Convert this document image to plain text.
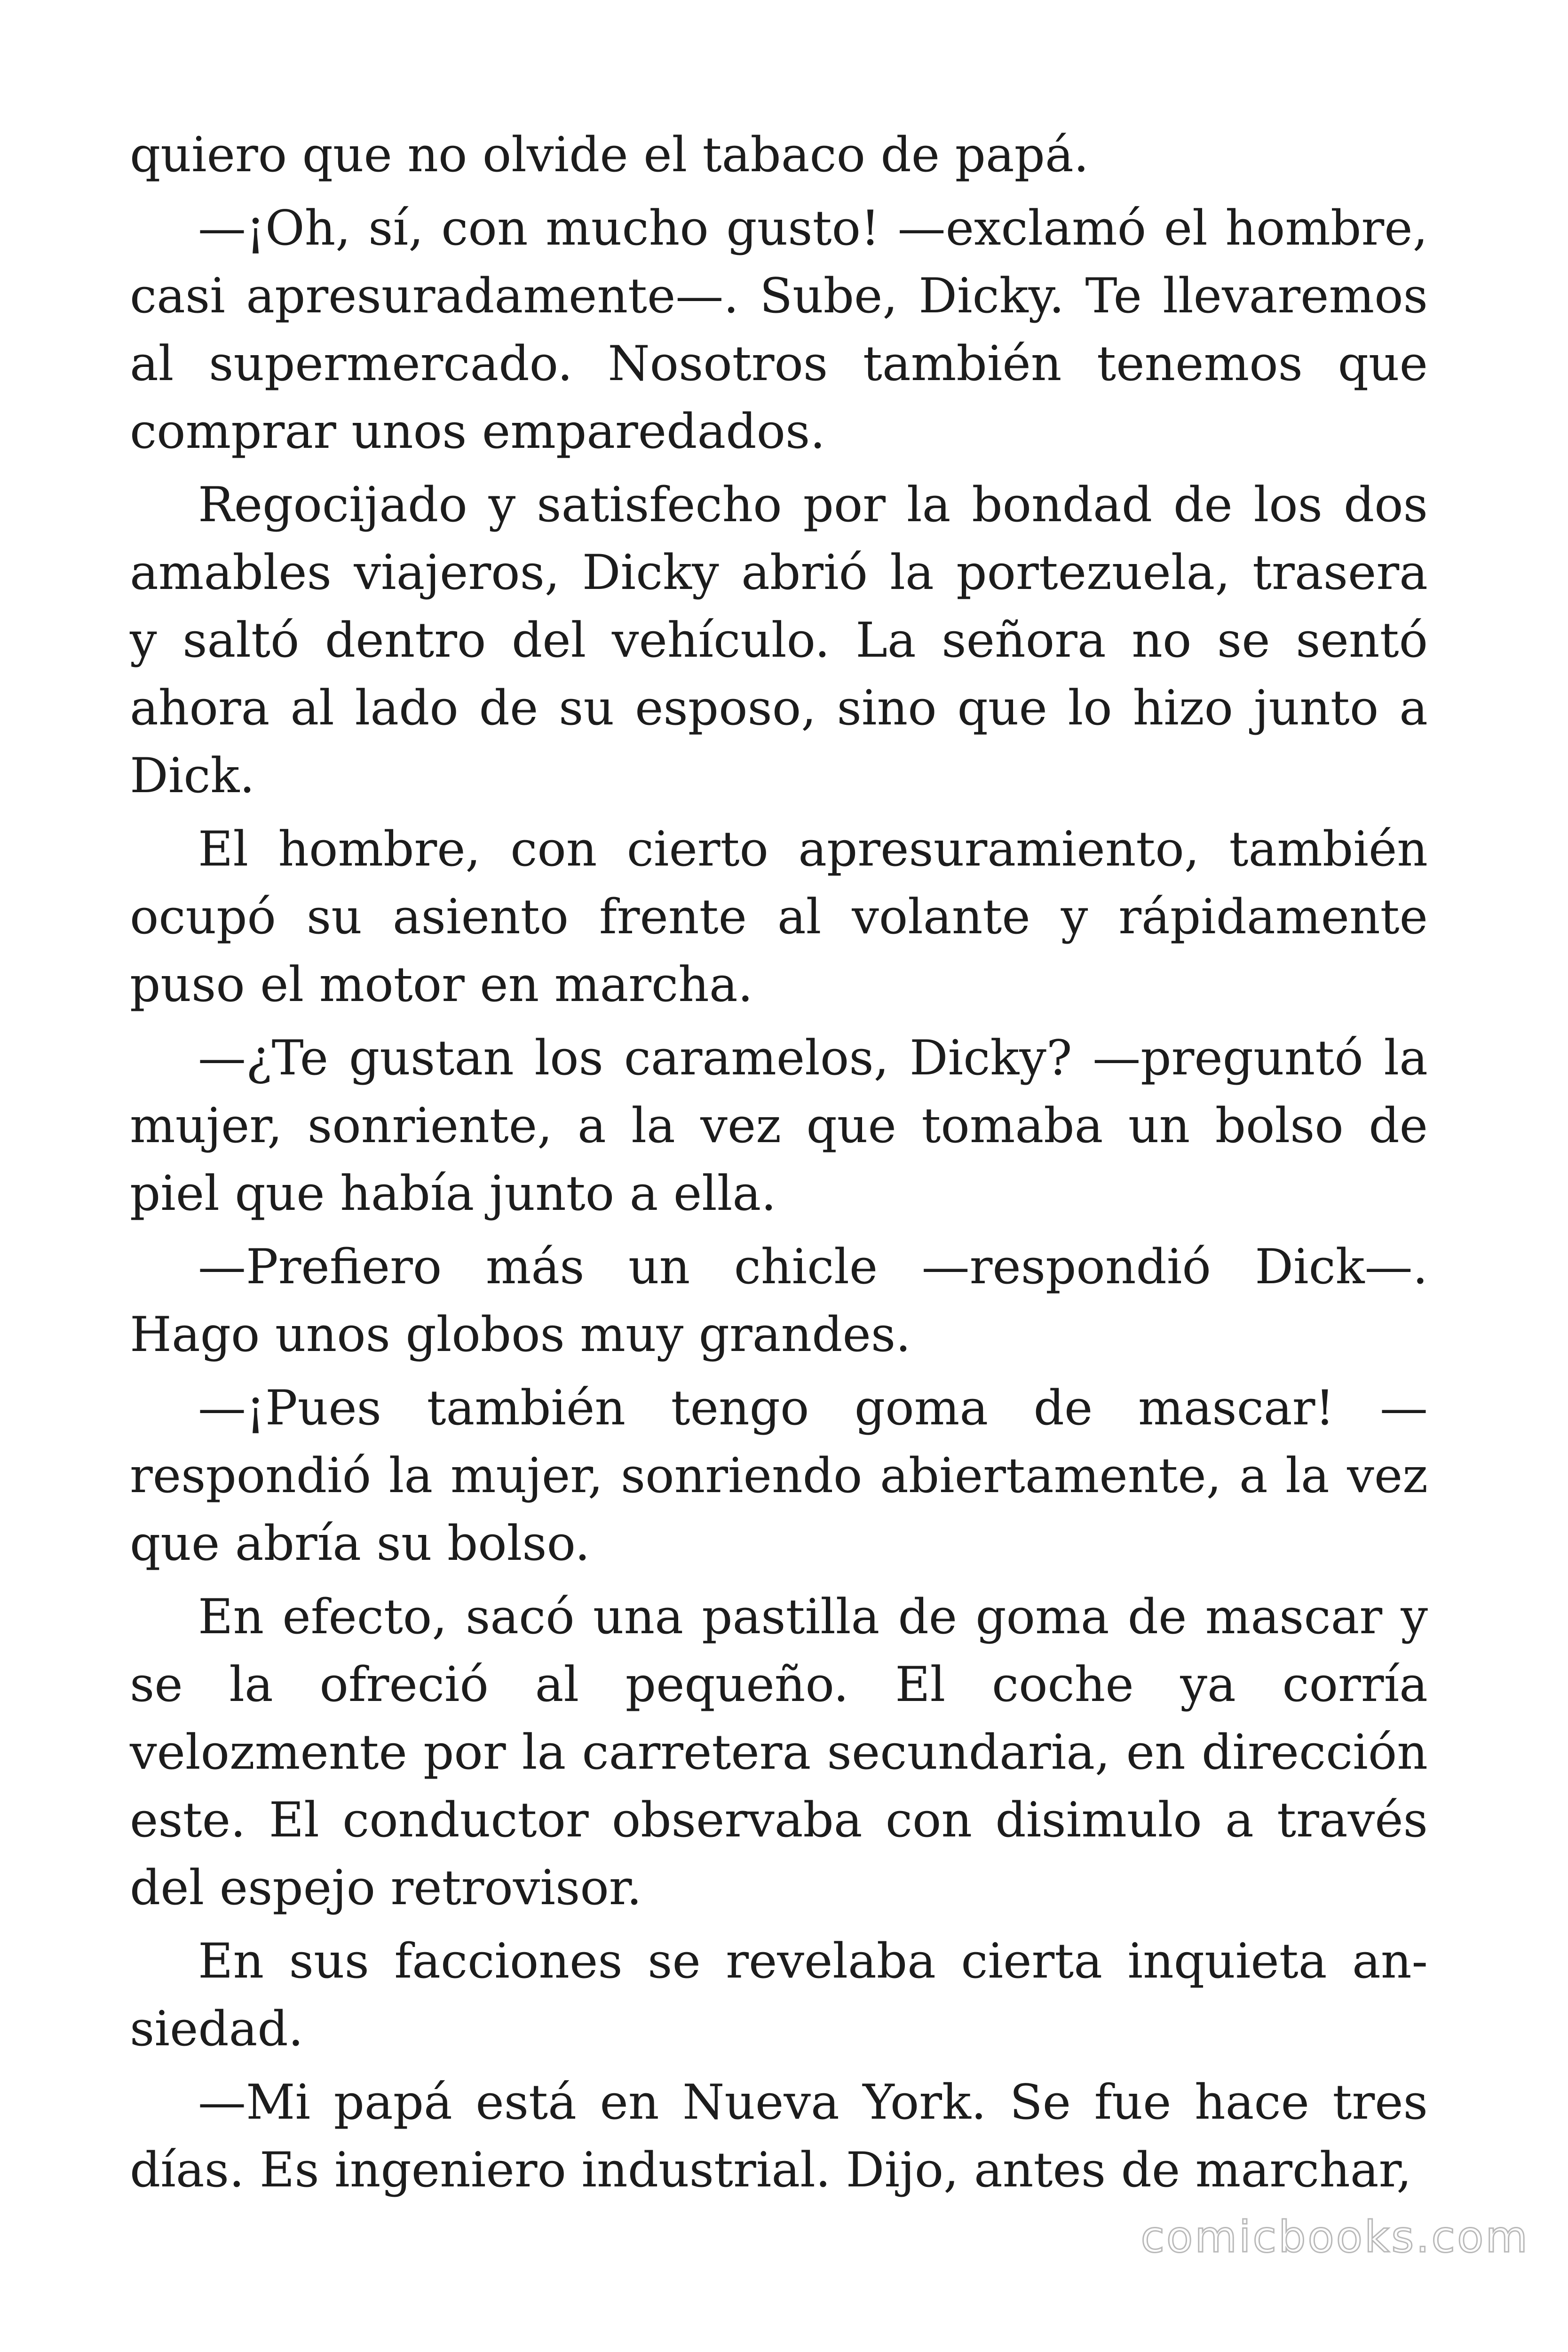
quiero que no olvide el tabaco de papá.

—¡Oh, sí, con mucho gusto! —exclamó el hombre, casi apresuradamente—. Sube, Dicky. Te llevaremos al supermercado. Nosotros también tenemos que comprar unos emparedados.

Regocijado y satisfecho por la bondad de los dos amables viajeros, Dicky abrió la portezuela, trasera y saltó dentro del vehículo. La señora no se sentó ahora al lado de su esposo, sino que lo hizo junto a Dick.

El hombre, con cierto apresuramiento, también ocupó su asiento frente al volante y rápidamente puso el motor en marcha.

—¿Te gustan los caramelos, Dicky? —preguntó la mujer, sonriente, a la vez que tomaba un bolso de piel que había junto a ella.

—Prefiero más un chicle —respondió Dick—. Hago unos globos muy grandes.

—¡Pues también tengo goma de mascar! —respondió la mujer, sonriendo abiertamente, a la vez que abría su bolso.

En efecto, sacó una pastilla de goma de mascar y se la ofreció al pequeño. El coche ya corría velozmente por la carretera secundaria, en dirección este. El conductor observaba con disimulo a través del espejo retrovisor.

En sus facciones se revelaba cierta inquieta ansiedad.

—Mi papá está en Nueva York. Se fue hace tres días. Es ingeniero industrial. Dijo, antes de marchar,

comicbooks.com
